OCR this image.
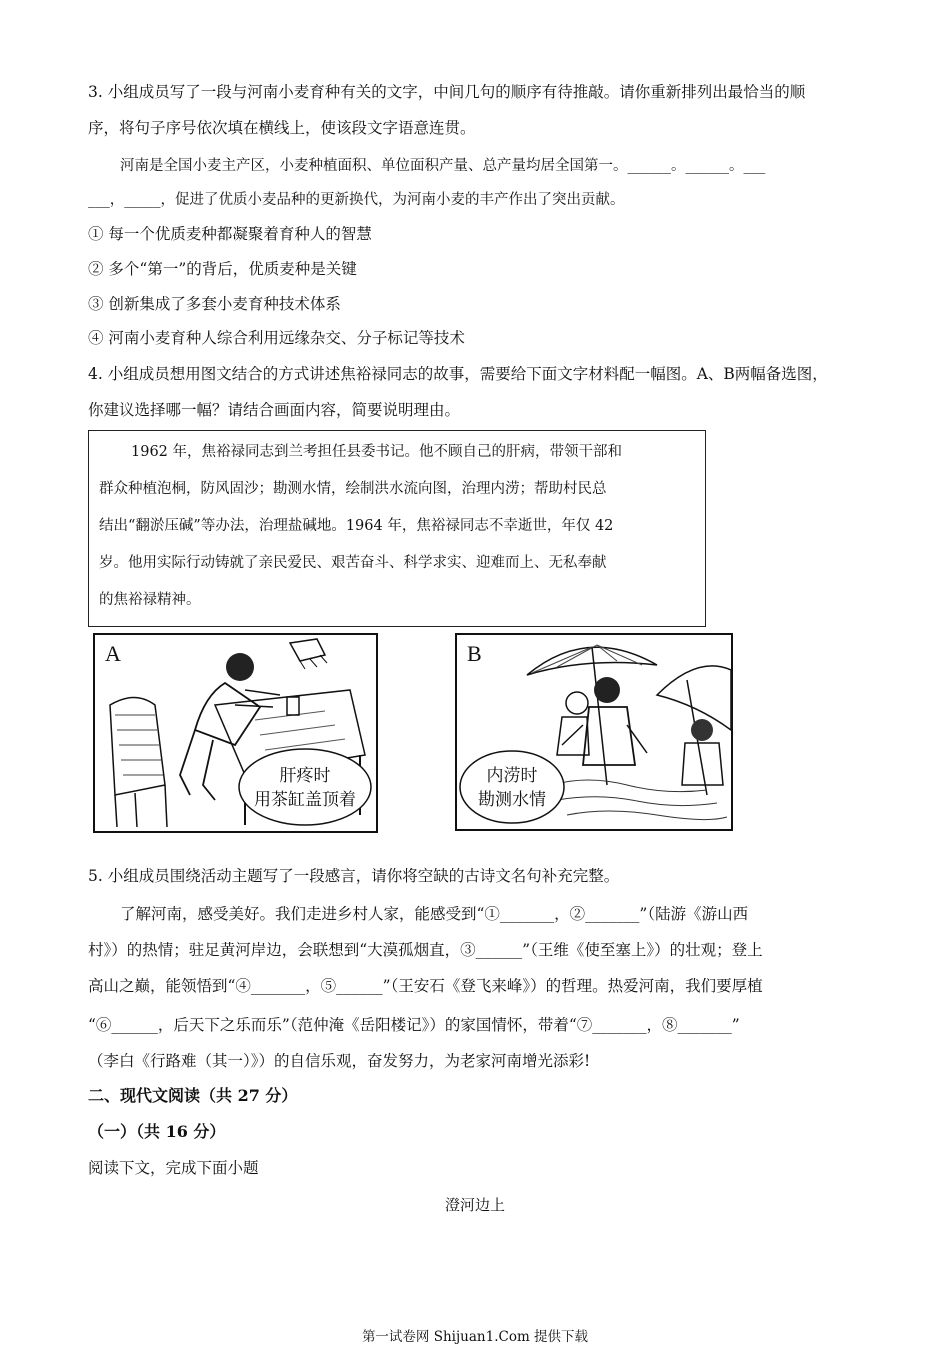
3. 小组成员写了一段与河南小麦育种有关的文字，中间几句的顺序有待推敲。请你重新排列出最恰当的顺
序，将句子序号依次填在横线上，使该段文字语意连贯。
河南是全国小麦主产区，小麦种植面积、单位面积产量、总产量均居全国第一。______。______。___
___，_____，促进了优质小麦品种的更新换代，为河南小麦的丰产作出了突出贡献。
① 每一个优质麦种都凝聚着育种人的智慧
② 多个“第一”的背后，优质麦种是关键
③ 创新集成了多套小麦育种技术体系
④ 河南小麦育种人综合利用远缘杂交、分子标记等技术
4. 小组成员想用图文结合的方式讲述焦裕禄同志的故事，需要给下面文字材料配一幅图。A、B两幅备选图，
你建议选择哪一幅？请结合画面内容，简要说明理由。
1962 年，焦裕禄同志到兰考担任县委书记。他不顾自己的肝病，带领干部和
群众种植泡桐，防风固沙；勘测水情，绘制洪水流向图，治理内涝；帮助村民总
结出“翻淤压碱”等办法，治理盐碱地。1964 年，焦裕禄同志不幸逝世，年仅 42
岁。他用实际行动铸就了亲民爱民、艰苦奋斗、科学求实、迎难而上、无私奉献
的焦裕禄精神。
A
肝疼时
用茶缸盖顶着
B
内涝时
勘测水情
5. 小组成员围绕活动主题写了一段感言，请你将空缺的古诗文名句补充完整。
了解河南，感受美好。我们走进乡村人家，能感受到“①_______，②_______”（陆游《游山西
村》）的热情；驻足黄河岸边，会联想到“大漠孤烟直，③______”（王维《使至塞上》）的壮观；登上
高山之巅，能领悟到“④_______，⑤______”（王安石《登飞来峰》）的哲理。热爱河南，我们要厚植
“⑥______，后天下之乐而乐”（范仲淹《岳阳楼记》）的家国情怀，带着“⑦_______，⑧_______”
（李白《行路难（其一）》）的自信乐观，奋发努力，为老家河南增光添彩!
二、现代文阅读（共 27 分）
（一）（共 16 分）
阅读下文，完成下面小题
澄河边上
第一试卷网 Shijuan1.Com 提供下载
